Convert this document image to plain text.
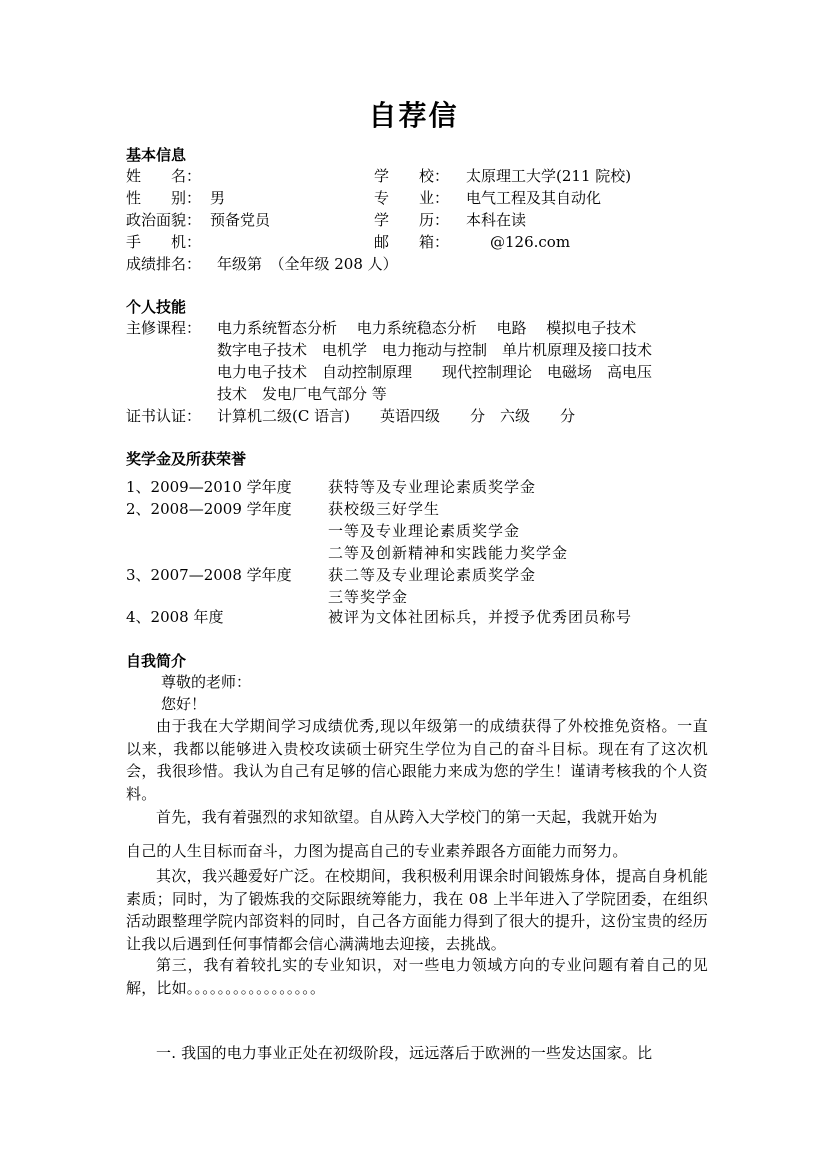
自荐信
基本信息
姓　　名：
性　　别： 男
政治面貌： 预备党员
手　　机：
成绩排名： 年级第　（全年级 208 人）
学　　校： 太原理工大学(211 院校)
专　　业： 电气工程及其自动化
学　　历： 本科在读
邮　　箱：	@126.com
个人技能
主修课程： 电力系统暂态分析　 电力系统稳态分析　 电路　 模拟电子技术
数字电子技术　电机学　电力拖动与控制　单片机原理及接口技术
电力电子技术　自动控制原理　　现代控制理论　电磁场　高电压
技术　发电厂电气部分 等
证书认证： 计算机二级(C 语言)　　英语四级　　分　六级　　分
奖学金及所获荣誉
1、2009—2010 学年度 获特等及专业理论素质奖学金
2、2008—2009 学年度 获校级三好学生
一等及专业理论素质奖学金
二等及创新精神和实践能力奖学金
3、2007—2008 学年度 获二等及专业理论素质奖学金
三等奖学金
4、2008 年度	被评为文体社团标兵，并授予优秀团员称号
自我简介
尊敬的老师：
您好！
由于我在大学期间学习成绩优秀,现以年级第一的成绩获得了外校推免资格。一直以来，我都以能够进入贵校攻读硕士研究生学位为自己的奋斗目标。现在有了这次机会，我很珍惜。我认为自己有足够的信心跟能力来成为您的学生！谨请考核我的个人资料。
首先，我有着强烈的求知欲望。自从跨入大学校门的第一天起，我就开始为
自己的人生目标而奋斗，力图为提高自己的专业素养跟各方面能力而努力。
其次，我兴趣爱好广泛。在校期间，我积极利用课余时间锻炼身体，提高自身机能素质；同时，为了锻炼我的交际跟统筹能力，我在 08 上半年进入了学院团委，在组织活动跟整理学院内部资料的同时，自己各方面能力得到了很大的提升，这份宝贵的经历让我以后遇到任何事情都会信心满满地去迎接，去挑战。
第三，我有着较扎实的专业知识，对一些电力领域方向的专业问题有着自己的见解，比如。。。。。。。。。。。。。。。。。
一. 我国的电力事业正处在初级阶段，远远落后于欧洲的一些发达国家。比
